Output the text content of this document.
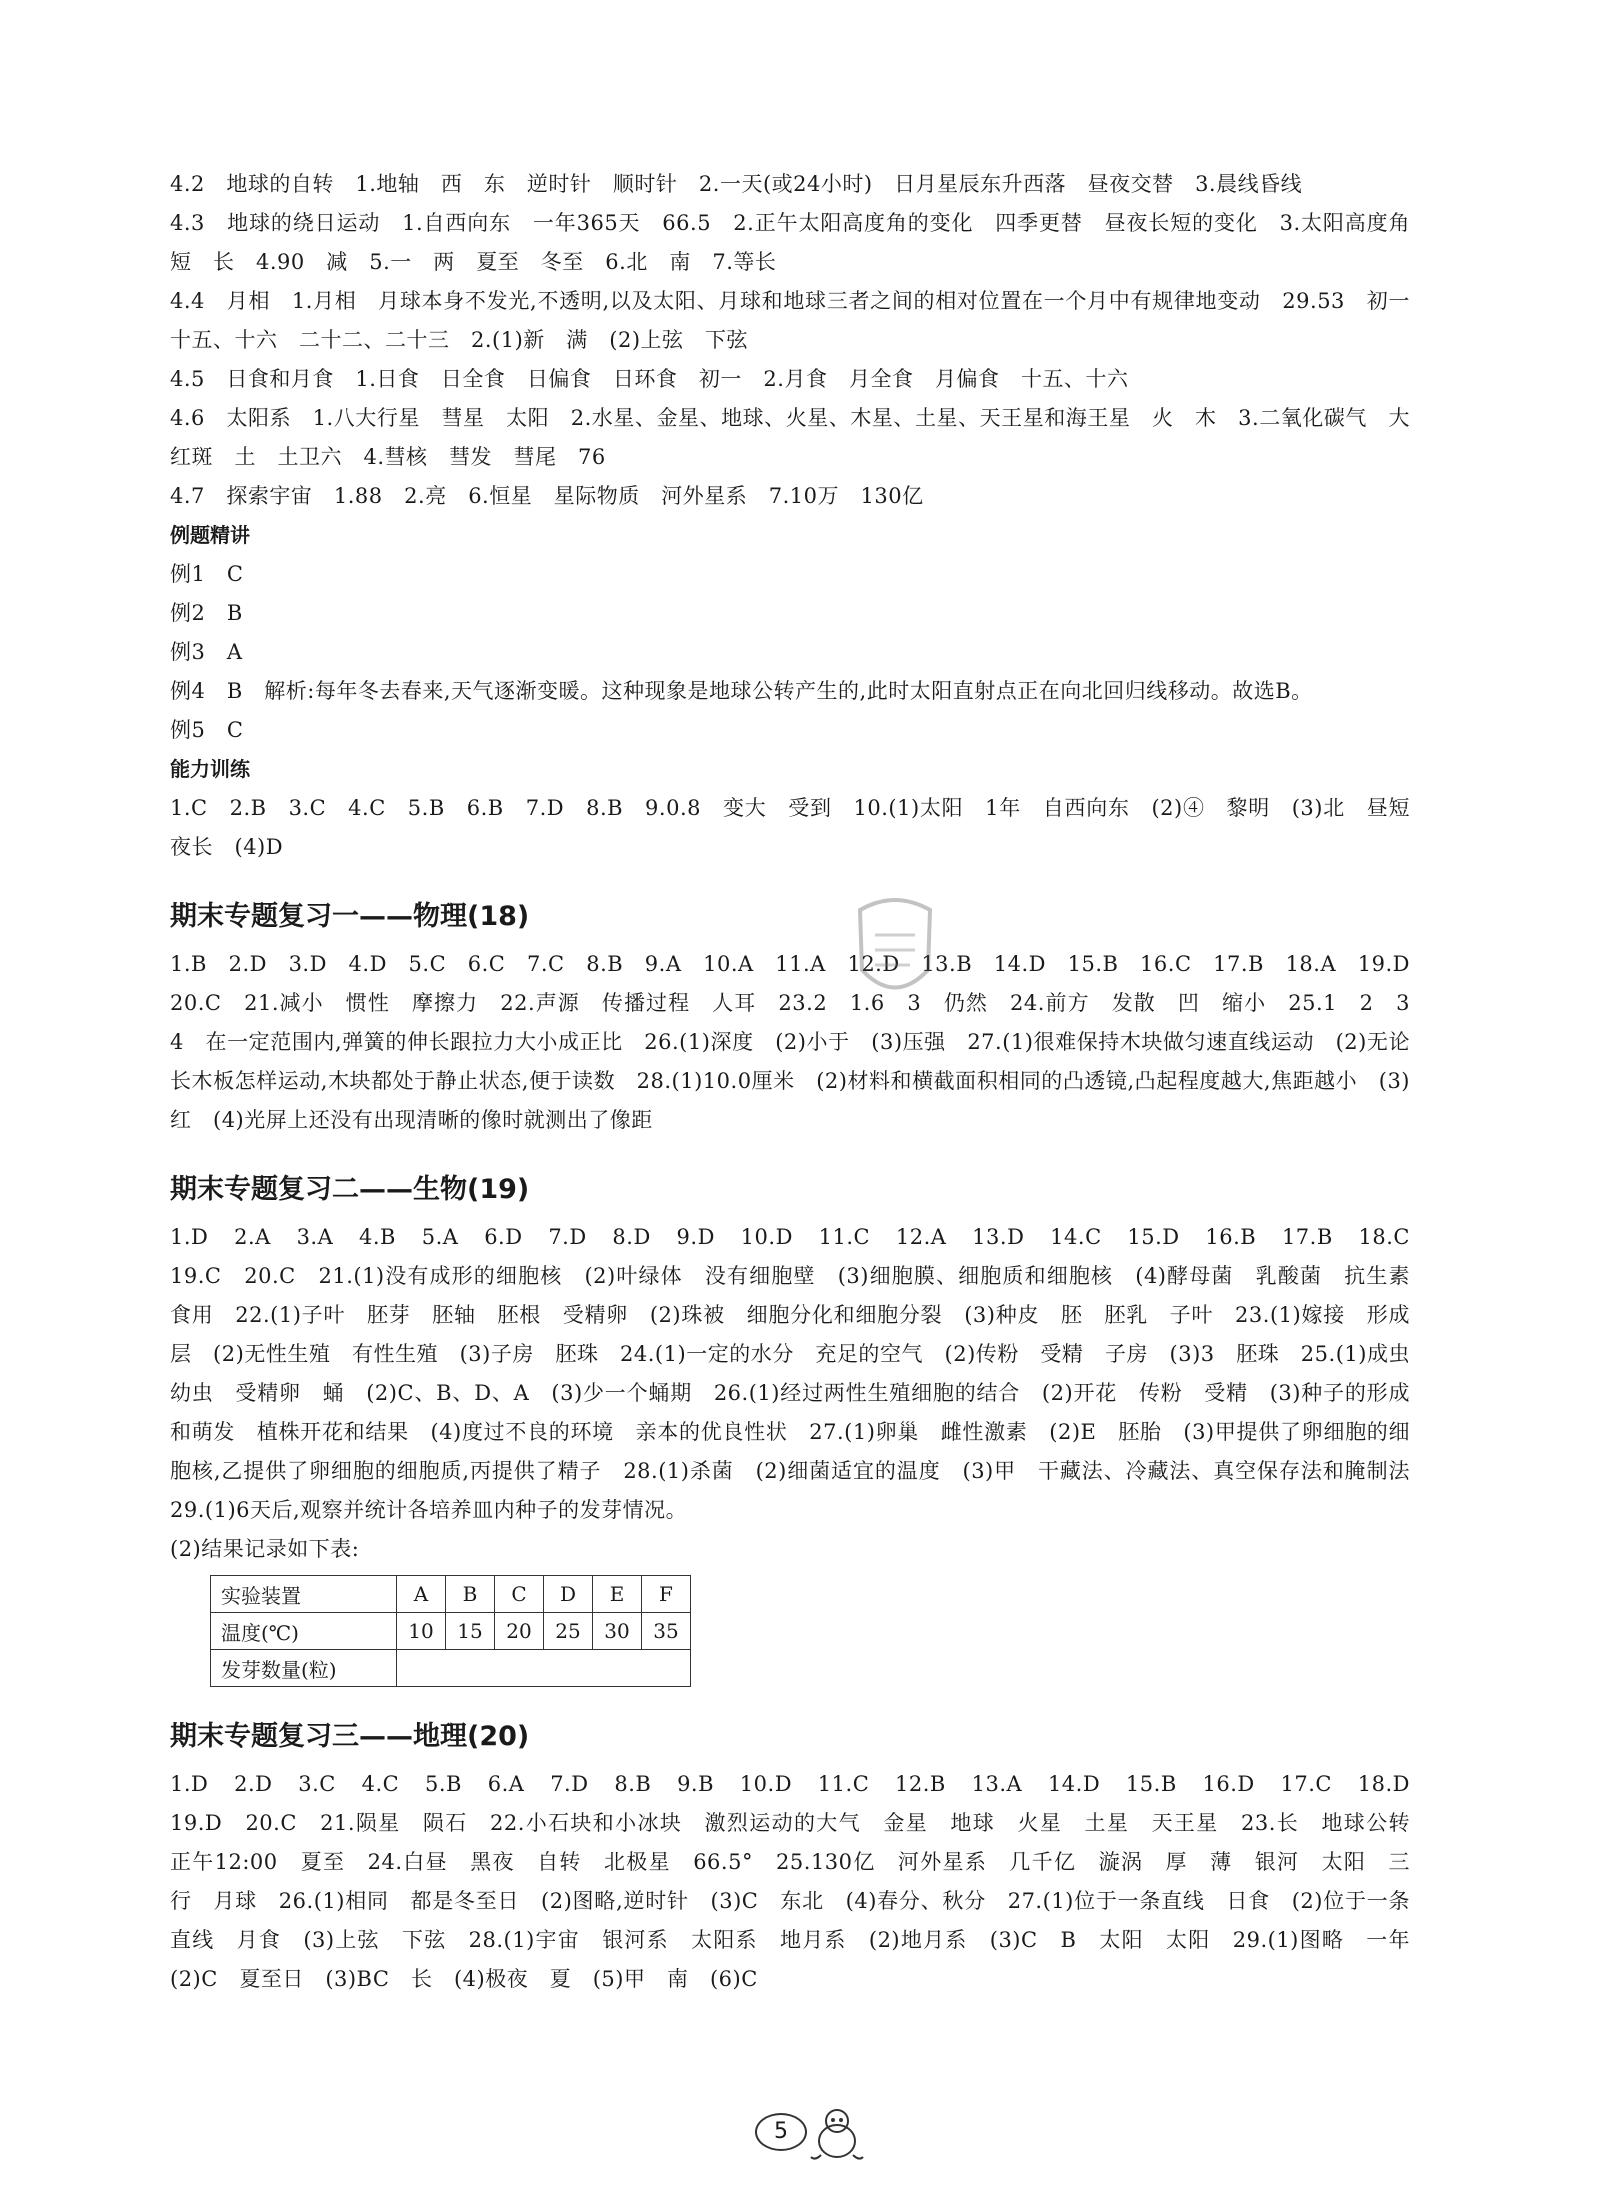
4.2　地球的自转　1.地轴　西　东　逆时针　顺时针　2.一天(或24小时)　日月星辰东升西落　昼夜交替　3.晨线昏线
4.3　地球的绕日运动　1.自西向东　一年365天　66.5　2.正午太阳高度角的变化　四季更替　昼夜长短的变化　3.太阳高度角　短　长　4.90　减　5.一　两　夏至　冬至　6.北　南　7.等长
4.4　月相　1.月相　月球本身不发光,不透明,以及太阳、月球和地球三者之间的相对位置在一个月中有规律地变动　29.53　初一　十五、十六　二十二、二十三　2.(1)新　满　(2)上弦　下弦
4.5　日食和月食　1.日食　日全食　日偏食　日环食　初一　2.月食　月全食　月偏食　十五、十六
4.6　太阳系　1.八大行星　彗星　太阳　2.水星、金星、地球、火星、木星、土星、天王星和海王星　火　木　3.二氧化碳气　大红斑　土　土卫六　4.彗核　彗发　彗尾　76
4.7　探索宇宙　1.88　2.亮　6.恒星　星际物质　河外星系　7.10万　130亿
例题精讲
例1　C
例2　B
例3　A
例4　B　解析:每年冬去春来,天气逐渐变暖。这种现象是地球公转产生的,此时太阳直射点正在向北回归线移动。故选B。
例5　C
能力训练
1.C　2.B　3.C　4.C　5.B　6.B　7.D　8.B　9.0.8　变大　受到　10.(1)太阳　1年　自西向东　(2)④　黎明　(3)北　昼短夜长　(4)D
期末专题复习一——物理(18)
1.B　2.D　3.D　4.D　5.C　6.C　7.C　8.B　9.A　10.A　11.A　12.D　13.B　14.D　15.B　16.C　17.B　18.A　19.D　20.C　21.减小　惯性　摩擦力　22.声源　传播过程　人耳　23.2　1.6　3　仍然　24.前方　发散　凹　缩小　25.1　2　3　4　在一定范围内,弹簧的伸长跟拉力大小成正比　26.(1)深度　(2)小于　(3)压强　27.(1)很难保持木块做匀速直线运动　(2)无论长木板怎样运动,木块都处于静止状态,便于读数　28.(1)10.0厘米　(2)材料和横截面积相同的凸透镜,凸起程度越大,焦距越小　(3)红　(4)光屏上还没有出现清晰的像时就测出了像距
期末专题复习二——生物(19)
1.D　2.A　3.A　4.B　5.A　6.D　7.D　8.D　9.D　10.D　11.C　12.A　13.D　14.C　15.D　16.B　17.B　18.C　19.C　20.C　21.(1)没有成形的细胞核　(2)叶绿体　没有细胞壁　(3)细胞膜、细胞质和细胞核　(4)酵母菌　乳酸菌　抗生素　食用　22.(1)子叶　胚芽　胚轴　胚根　受精卵　(2)珠被　细胞分化和细胞分裂　(3)种皮　胚　胚乳　子叶　23.(1)嫁接　形成层　(2)无性生殖　有性生殖　(3)子房　胚珠　24.(1)一定的水分　充足的空气　(2)传粉　受精　子房　(3)3　胚珠　25.(1)成虫　幼虫　受精卵　蛹　(2)C、B、D、A　(3)少一个蛹期　26.(1)经过两性生殖细胞的结合　(2)开花　传粉　受精　(3)种子的形成和萌发　植株开花和结果　(4)度过不良的环境　亲本的优良性状　27.(1)卵巢　雌性激素　(2)E　胚胎　(3)甲提供了卵细胞的细胞核,乙提供了卵细胞的细胞质,丙提供了精子　28.(1)杀菌　(2)细菌适宜的温度　(3)甲　干藏法、冷藏法、真空保存法和腌制法　29.(1)6天后,观察并统计各培养皿内种子的发芽情况。
(2)结果记录如下表:
实验装置	A	B	C	D	E	F
温度(℃)	10	15	20	25	30	35
发芽数量(粒)						
期末专题复习三——地理(20)
1.D　2.D　3.C　4.C　5.B　6.A　7.D　8.B　9.B　10.D　11.C　12.B　13.A　14.D　15.B　16.D　17.C　18.D　19.D　20.C　21.陨星　陨石　22.小石块和小冰块　激烈运动的大气　金星　地球　火星　土星　天王星　23.长　地球公转　正午12:00　夏至　24.白昼　黑夜　自转　北极星　66.5°　25.130亿　河外星系　几千亿　漩涡　厚　薄　银河　太阳　三　行　月球　26.(1)相同　都是冬至日　(2)图略,逆时针　(3)C　东北　(4)春分、秋分　27.(1)位于一条直线　日食　(2)位于一条直线　月食　(3)上弦　下弦　28.(1)宇宙　银河系　太阳系　地月系　(2)地月系　(3)C　B　太阳　太阳　29.(1)图略　一年　(2)C　夏至日　(3)BC　长　(4)极夜　夏　(5)甲　南　(6)C
5
